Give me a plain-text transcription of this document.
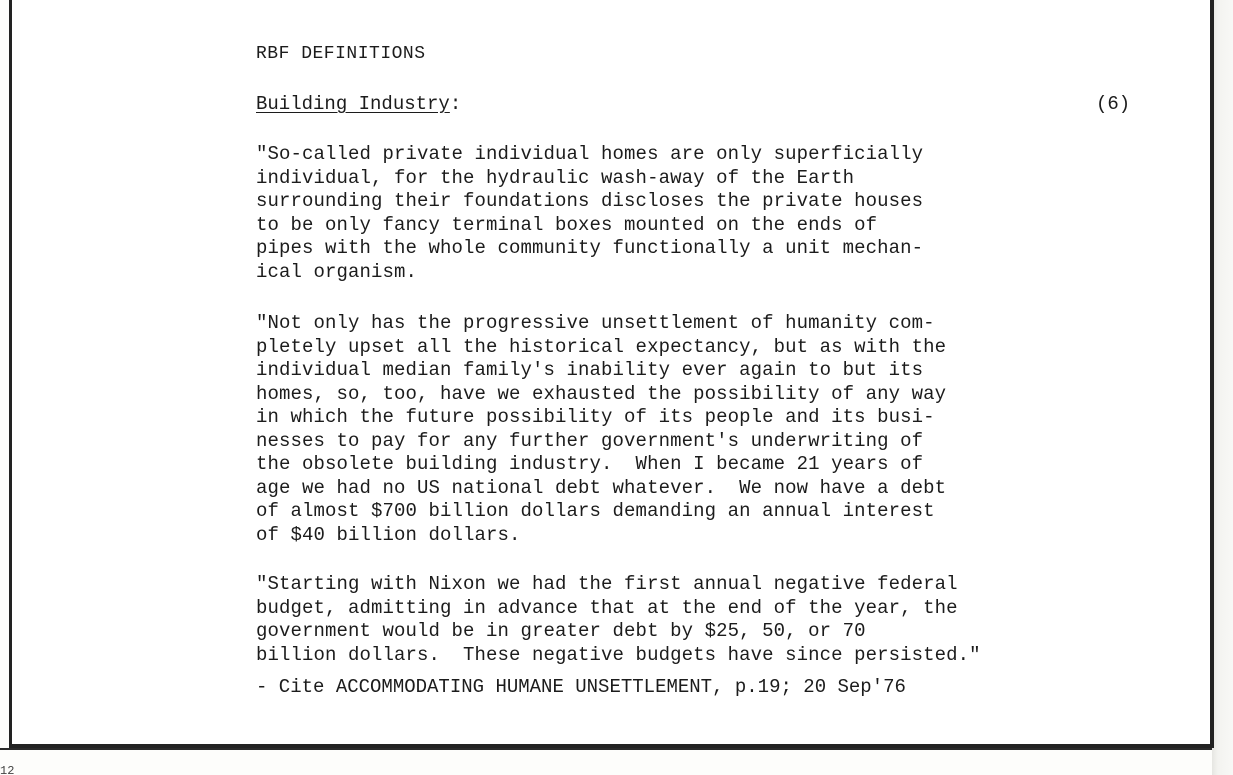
12
RBF DEFINITIONS
Building Industry:	(6)

"So-called private individual homes are only superficially
individual, for the hydraulic wash-away of the Earth
surrounding their foundations discloses the private houses
to be only fancy terminal boxes mounted on the ends of
pipes with the whole community functionally a unit mechan-
ical organism.

"Not only has the progressive unsettlement of humanity com-
pletely upset all the historical expectancy, but as with the
individual median family's inability ever again to but its
homes, so, too, have we exhausted the possibility of any way
in which the future possibility of its people and its busi-
nesses to pay for any further government's underwriting of
the obsolete building industry.  When I became 21 years of
age we had no US national debt whatever.  We now have a debt
of almost $700 billion dollars demanding an annual interest
of $40 billion dollars.

"Starting with Nixon we had the first annual negative federal
budget, admitting in advance that at the end of the year, the
government would be in greater debt by $25, 50, or 70
billion dollars.  These negative budgets have since persisted."

- Cite ACCOMMODATING HUMANE UNSETTLEMENT, p.19; 20 Sep'76
